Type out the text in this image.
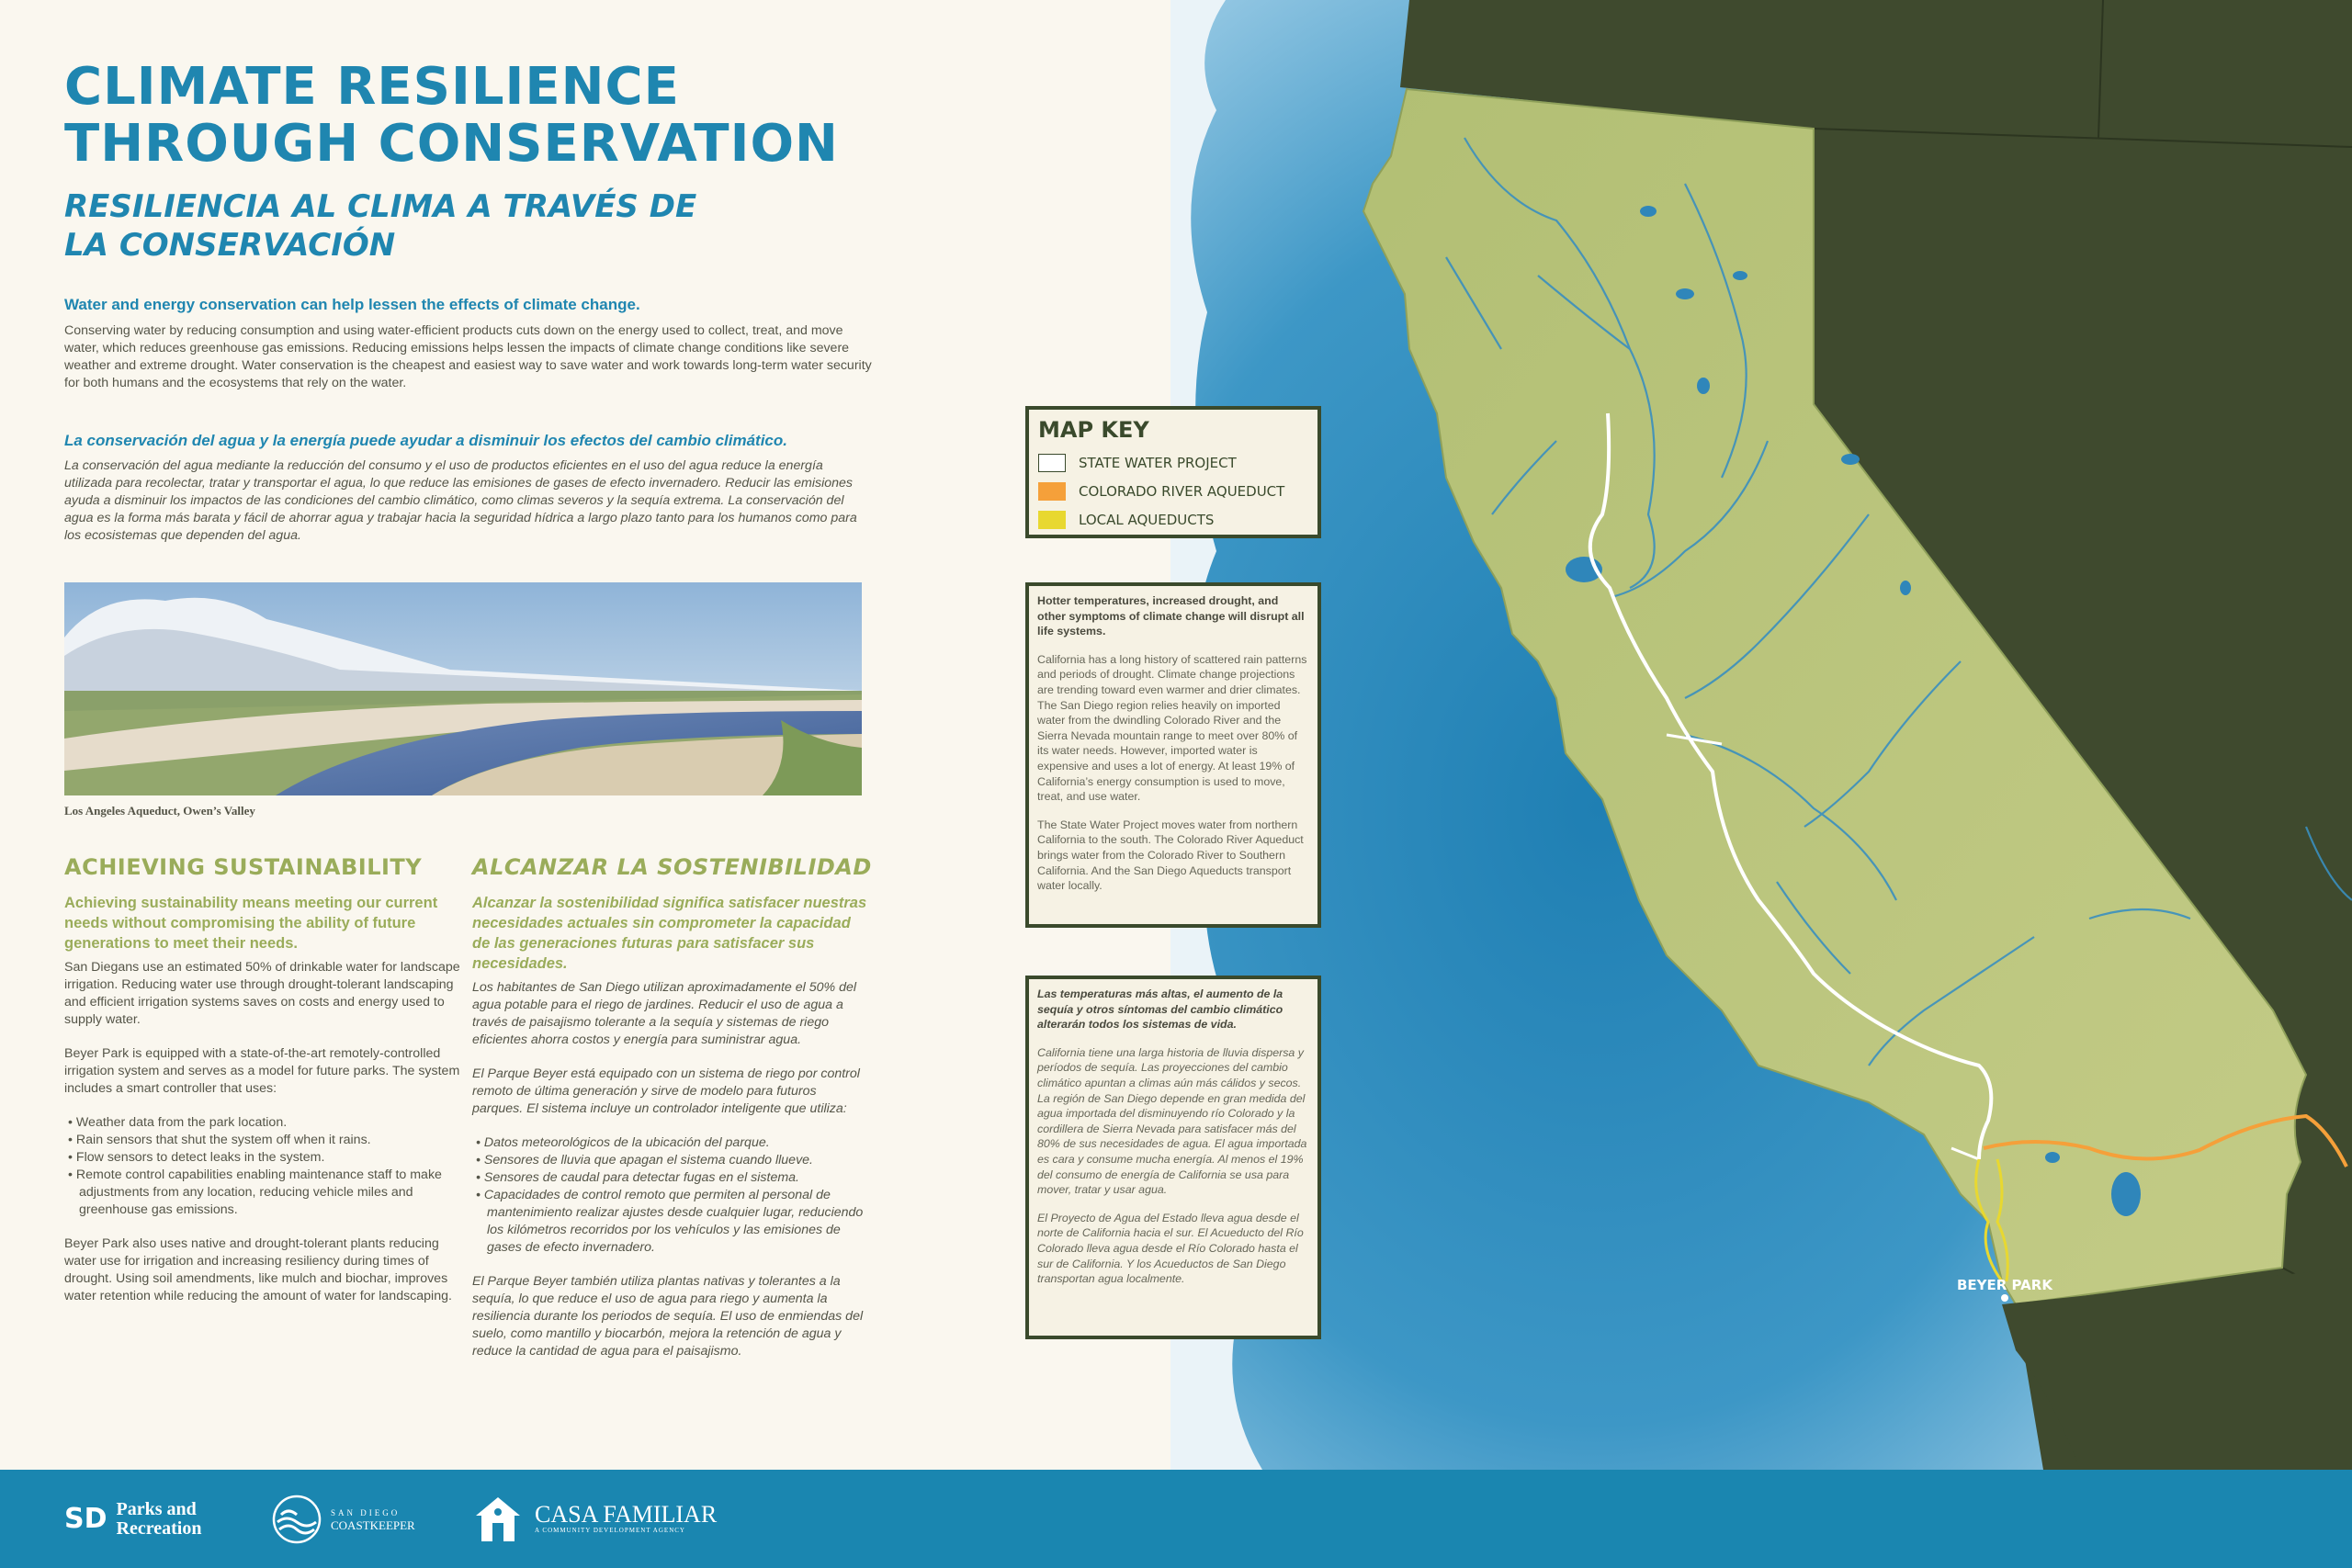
CLIMATE RESILIENCE
THROUGH CONSERVATION
RESILIENCIA AL CLIMA A TRAVÉS DE
LA CONSERVACIÓN
Water and energy conservation can help lessen the effects of climate change.

Conserving water by reducing consumption and using water-efficient products cuts down on the energy used to collect, treat, and move water, which reduces greenhouse gas emissions. Reducing emissions helps lessen the impacts of climate change conditions like severe weather and extreme drought. Water conservation is the cheapest and easiest way to save water and work towards long-term water security for both humans and the ecosystems that rely on the water.

La conservación del agua y la energía puede ayudar a disminuir los efectos del cambio climático.

La conservación del agua mediante la reducción del consumo y el uso de productos eficientes en el uso del agua reduce la energía utilizada para recolectar, tratar y transportar el agua, lo que reduce las emisiones de gases de efecto invernadero. Reducir las emisiones ayuda a disminuir los impactos de las condiciones del cambio climático, como climas severos y la sequía extrema. La conservación del agua es la forma más barata y fácil de ahorrar agua y trabajar hacia la seguridad hídrica a largo plazo tanto para los humanos como para los ecosistemas que dependen del agua.

Los Angeles Aqueduct, Owen’s Valley
ACHIEVING SUSTAINABILITY
Achieving sustainability means meeting our current needs without compromising the ability of future generations to meet their needs.

San Diegans use an estimated 50% of drinkable water for landscape irrigation. Reducing water use through drought-tolerant landscaping and efficient irrigation systems saves on costs and energy used to supply water.

Beyer Park is equipped with a state-of-the-art remotely-controlled irrigation system and serves as a model for future parks. The system includes a smart controller that uses:

• Weather data from the park location.
• Rain sensors that shut the system off when it rains.
• Flow sensors to detect leaks in the system.
• Remote control capabilities enabling maintenance staff to make adjustments from any location, reducing vehicle miles and greenhouse gas emissions.

Beyer Park also uses native and drought-tolerant plants reducing water use for irrigation and increasing resiliency during times of drought. Using soil amendments, like mulch and biochar, improves water retention while reducing the amount of water for landscaping.

ALCANZAR LA SOSTENIBILIDAD
Alcanzar la sostenibilidad significa satisfacer nuestras necesidades actuales sin comprometer la capacidad de las generaciones futuras para satisfacer sus necesidades.

Los habitantes de San Diego utilizan aproximadamente el 50% del agua potable para el riego de jardines. Reducir el uso de agua a través de paisajismo tolerante a la sequía y sistemas de riego eficientes ahorra costos y energía para suministrar agua.

El Parque Beyer está equipado con un sistema de riego por control remoto de última generación y sirve de modelo para futuros parques. El sistema incluye un controlador inteligente que utiliza:

• Datos meteorológicos de la ubicación del parque.
• Sensores de lluvia que apagan el sistema cuando llueve.
• Sensores de caudal para detectar fugas en el sistema.
• Capacidades de control remoto que permiten al personal de mantenimiento realizar ajustes desde cualquier lugar, reduciendo los kilómetros recorridos por los vehículos y las emisiones de gases de efecto invernadero.

El Parque Beyer también utiliza plantas nativas y tolerantes a la sequía, lo que reduce el uso de agua para riego y aumenta la resiliencia durante los periodos de sequía. El uso de enmiendas del suelo, como mantillo y biocarbón, mejora la retención de agua y reduce la cantidad de agua para el paisajismo.

MAP KEY
STATE WATER PROJECT
COLORADO RIVER AQUEDUCT
LOCAL AQUEDUCTS
Hotter temperatures, increased drought, and other symptoms of climate change will disrupt all life systems.

California has a long history of scattered rain patterns and periods of drought. Climate change projections are trending toward even warmer and drier climates. The San Diego region relies heavily on imported water from the dwindling Colorado River and the Sierra Nevada mountain range to meet over 80% of its water needs. However, imported water is expensive and uses a lot of energy. At least 19% of California’s energy consumption is used to move, treat, and use water.

The State Water Project moves water from northern California to the south. The Colorado River Aqueduct brings water from the Colorado River to Southern California. And the San Diego Aqueducts transport water locally.

Las temperaturas más altas, el aumento de la sequía y otros síntomas del cambio climático alterarán todos los sistemas de vida.

California tiene una larga historia de lluvia dispersa y períodos de sequía. Las proyecciones del cambio climático apuntan a climas aún más cálidos y secos. La región de San Diego depende en gran medida del agua importada del disminuyendo río Colorado y la cordillera de Sierra Nevada para satisfacer más del 80% de sus necesidades de agua. El agua importada es cara y consume mucha energía. Al menos el 19% del consumo de energía de California se usa para mover, tratar y usar agua.

El Proyecto de Agua del Estado lleva agua desde el norte de California hacia el sur. El Acueducto del Río Colorado lleva agua desde el Río Colorado hasta el sur de California. Y los Acueductos de San Diego transportan agua localmente.	BEYER PARK
SD Parks and
Recreation
SAN DIEGO
COASTKEEPER	CASA FAMILIAR
A COMMUNITY DEVELOPMENT AGENCY
